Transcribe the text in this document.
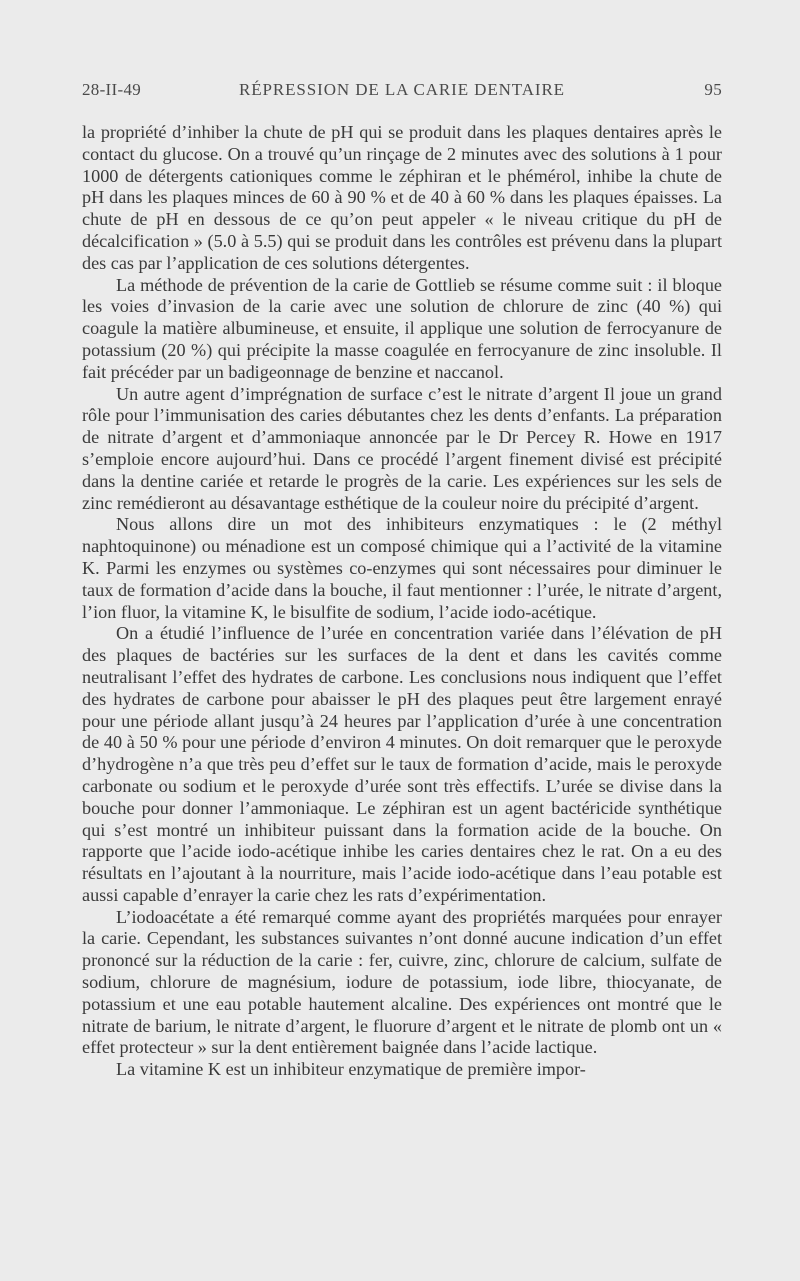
28-II-49	RÉPRESSION DE LA CARIE DENTAIRE	95

la propriété d’inhiber la chute de pH qui se produit dans les plaques dentaires après le contact du glucose. On a trouvé qu’un rinçage de 2 minutes avec des solutions à 1 pour 1000 de détergents cationiques comme le zéphiran et le phémérol, inhibe la chute de pH dans les plaques minces de 60 à 90 % et de 40 à 60 % dans les plaques épaisses. La chute de pH en dessous de ce qu’on peut appeler « le niveau critique du pH de décalcification » (5.0 à 5.5) qui se produit dans les contrôles est prévenu dans la plupart des cas par l’application de ces solutions détergentes.

La méthode de prévention de la carie de Gottlieb se résume comme suit : il bloque les voies d’invasion de la carie avec une solution de chlorure de zinc (40 %) qui coagule la matière albumineuse, et ensuite, il applique une solution de ferrocyanure de potassium (20 %) qui précipite la masse coagulée en ferrocyanure de zinc insoluble. Il fait précéder par un badigeonnage de benzine et naccanol.

Un autre agent d’imprégnation de surface c’est le nitrate d’argent Il joue un grand rôle pour l’immunisation des caries débutantes chez les dents d’enfants. La préparation de nitrate d’argent et d’ammoniaque annoncée par le Dr Percey R. Howe en 1917 s’emploie encore aujourd’hui. Dans ce procédé l’argent finement divisé est précipité dans la dentine cariée et retarde le progrès de la carie. Les expériences sur les sels de zinc remédieront au désavantage esthétique de la couleur noire du précipité d’argent.

Nous allons dire un mot des inhibiteurs enzymatiques : le (2 méthyl naphtoquinone) ou ménadione est un composé chimique qui a l’activité de la vitamine K. Parmi les enzymes ou systèmes co-enzymes qui sont nécessaires pour diminuer le taux de formation d’acide dans la bouche, il faut mentionner : l’urée, le nitrate d’argent, l’ion fluor, la vitamine K, le bisulfite de sodium, l’acide iodo-acétique.

On a étudié l’influence de l’urée en concentration variée dans l’élévation de pH des plaques de bactéries sur les surfaces de la dent et dans les cavités comme neutralisant l’effet des hydrates de carbone. Les conclusions nous indiquent que l’effet des hydrates de carbone pour abaisser le pH des plaques peut être largement enrayé pour une période allant jusqu’à 24 heures par l’application d’urée à une concentration de 40 à 50 % pour une période d’environ 4 minutes. On doit remarquer que le peroxyde d’hydrogène n’a que très peu d’effet sur le taux de formation d’acide, mais le peroxyde carbonate ou sodium et le peroxyde d’urée sont très effectifs. L’urée se divise dans la bouche pour donner l’ammoniaque. Le zéphiran est un agent bactéricide synthétique qui s’est montré un inhibiteur puissant dans la formation acide de la bouche. On rapporte que l’acide iodo-acétique inhibe les caries dentaires chez le rat. On a eu des résultats en l’ajoutant à la nourriture, mais l’acide iodo-acétique dans l’eau potable est aussi capable d’enrayer la carie chez les rats d’expérimentation.

L’iodoacétate a été remarqué comme ayant des propriétés marquées pour enrayer la carie. Cependant, les substances suivantes n’ont donné aucune indication d’un effet prononcé sur la réduction de la carie : fer, cuivre, zinc, chlorure de calcium, sulfate de sodium, chlorure de magnésium, iodure de potassium, iode libre, thiocyanate, de potassium et une eau potable hautement alcaline. Des expériences ont montré que le nitrate de barium, le nitrate d’argent, le fluorure d’argent et le nitrate de plomb ont un « effet protecteur » sur la dent entièrement baignée dans l’acide lactique.

La vitamine K est un inhibiteur enzymatique de première impor-
